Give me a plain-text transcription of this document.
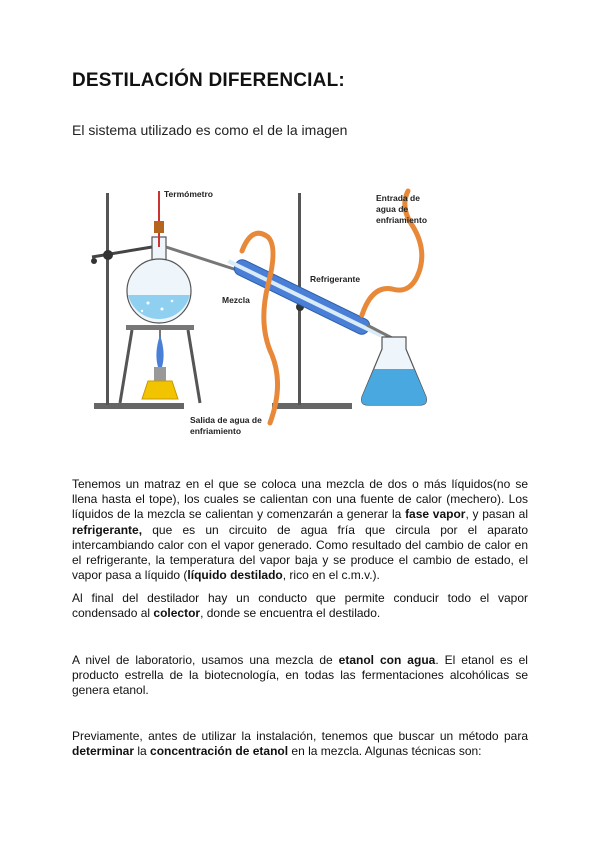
DESTILACIÓN DIFERENCIAL:

El sistema utilizado es como el de la imagen

Termómetro
Mezcla
Refrigerante
Entrada de
agua de
enfriamiento
Salida de agua de
enfriamiento

Tenemos un matraz en el que se coloca una mezcla de dos o más líquidos(no se llena hasta el tope), los cuales se calientan con una fuente de calor (mechero). Los líquidos de la mezcla se calientan y comenzarán a generar la fase vapor, y pasan al refrigerante, que es un circuito de agua fría que circula por el aparato intercambiando calor con el vapor generado. Como resultado del cambio de calor en el refrigerante, la temperatura del vapor baja y se produce el cambio de estado, el vapor pasa a líquido (líquido destilado, rico en el c.m.v.).

Al final del destilador hay un conducto que permite conducir todo el vapor condensado al colector, donde se encuentra el destilado.

A nivel de laboratorio, usamos una mezcla de etanol con agua. El etanol es el producto estrella de la biotecnología, en todas las fermentaciones alcohólicas se genera etanol.

Previamente, antes de utilizar la instalación, tenemos que buscar un método para determinar la concentración de etanol en la mezcla. Algunas técnicas son:
